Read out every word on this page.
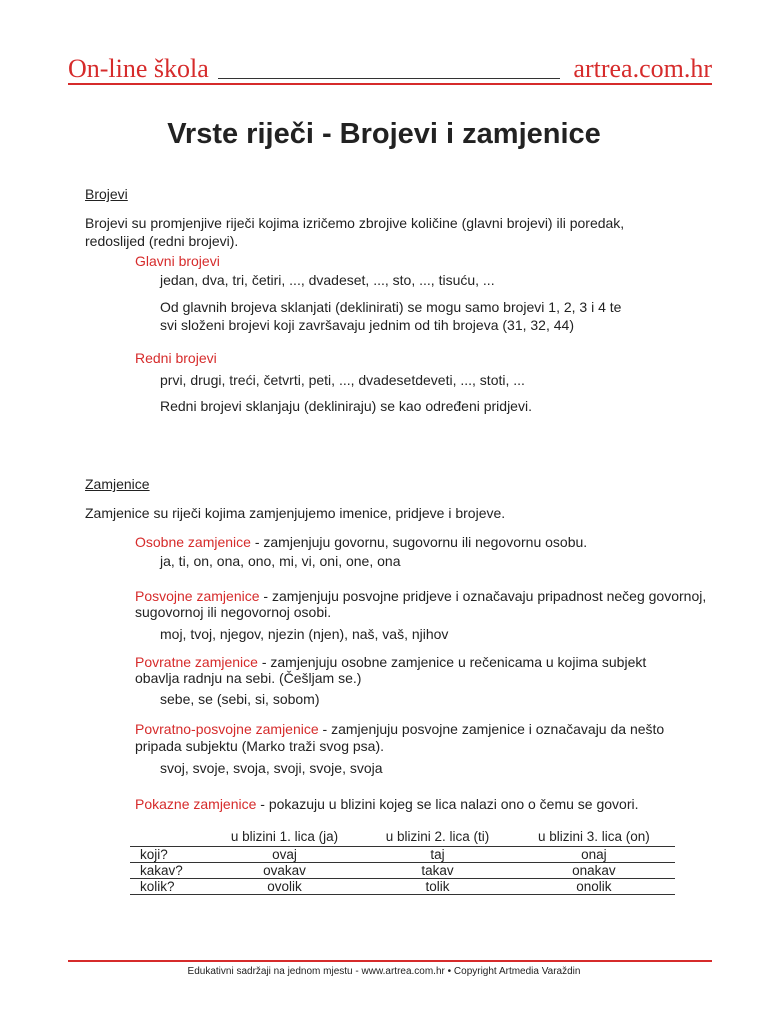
On-line škola	artrea.com.hr
Vrste riječi - Brojevi i zamjenice
Brojevi
Brojevi su promjenjive riječi kojima izričemo zbrojive količine (glavni brojevi) ili poredak,
redoslijed (redni brojevi).
Glavni brojevi
jedan, dva, tri, četiri, ..., dvadeset, ..., sto, ..., tisuću, ...
Od glavnih brojeva sklanjati (deklinirati) se mogu samo brojevi 1, 2, 3 i 4 te
svi složeni brojevi koji završavaju jednim od tih brojeva (31, 32, 44)
Redni brojevi
prvi, drugi, treći, četvrti, peti, ..., dvadesetdeveti, ..., stoti, ...
Redni brojevi sklanjaju (dekliniraju) se kao određeni pridjevi.
Zamjenice
Zamjenice su riječi kojima zamjenjujemo imenice, pridjeve i brojeve.
Osobne zamjenice - zamjenjuju govornu, sugovornu ili negovornu osobu.
ja, ti, on, ona, ono, mi, vi, oni, one, ona
Posvojne zamjenice - zamjenjuju posvojne pridjeve i označavaju pripadnost nečeg govornoj,
sugovornoj ili negovornoj osobi.
moj, tvoj, njegov, njezin (njen), naš, vaš, njihov
Povratne zamjenice - zamjenjuju osobne zamjenice u rečenicama u kojima subjekt
obavlja radnju na sebi. (Češljam se.)
sebe, se (sebi, si, sobom)
Povratno-posvojne zamjenice - zamjenjuju posvojne zamjenice i označavaju da nešto
pripada subjektu (Marko traži svog psa).
svoj, svoje, svoja, svoji, svoje, svoja
Pokazne zamjenice - pokazuju u blizini kojeg se lica nalazi ono o čemu se govori.
	u blizini 1. lica (ja)	u blizini 2. lica (ti)	u blizini 3. lica (on)
koji?	ovaj	taj	onaj
kakav?	ovakav	takav	onakav
kolik?	ovolik	tolik	onolik
Edukativni sadržaji na jednom mjestu - www.artrea.com.hr • Copyright Artmedia Varaždin
